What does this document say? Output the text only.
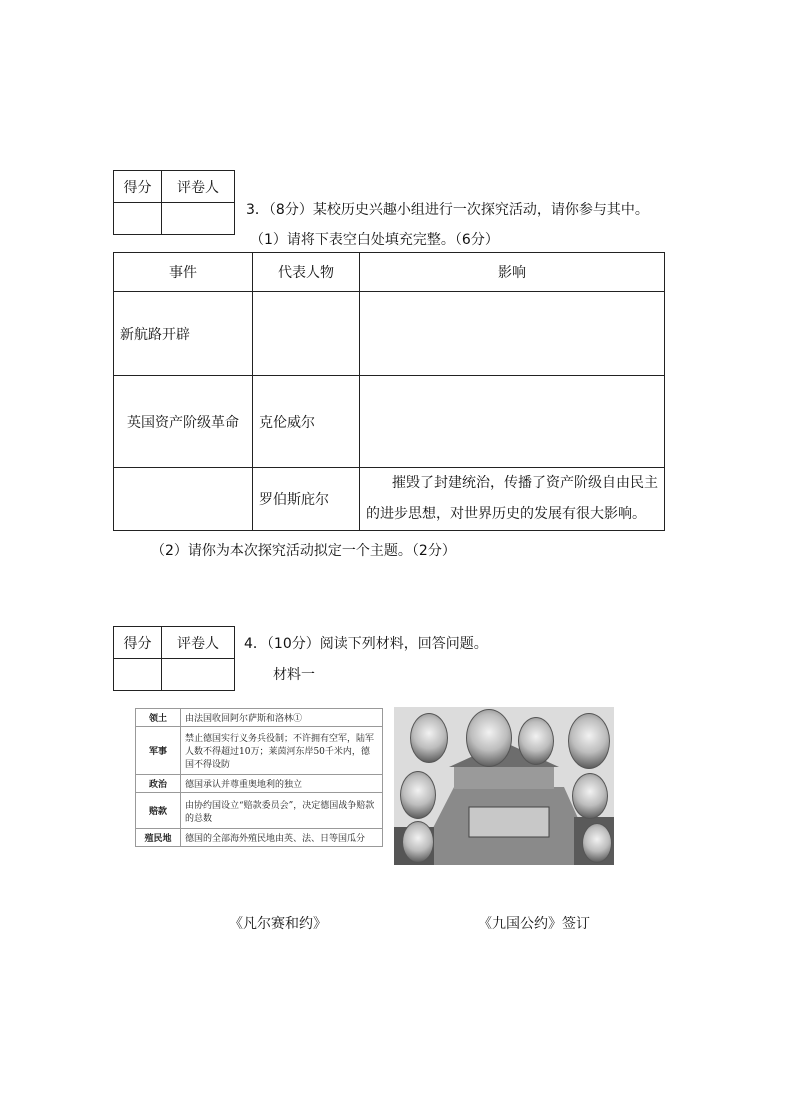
得分	评卷人

3．（8分）某校历史兴趣小组进行一次探究活动，请你参与其中。
（1）请将下表空白处填充完整。（6分）
事件	代表人物	影响
新航路开辟		
英国资产阶级革命	克伦威尔	
	罗伯斯庇尔	摧毁了封建统治，传播了资产阶级自由民主
的进步思想，对世界历史的发展有很大影响。
（2）请你为本次探究活动拟定一个主题。（2分）
得分	评卷人
	4．（10分）阅读下列材料，回答问题。
材料一
领土	由法国收回阿尔萨斯和洛林①
军事	禁止德国实行义务兵役制；不许拥有空军，陆军人数不得超过10万；莱茵河东岸50千米内，德国不得设防
政治	德国承认并尊重奥地利的独立
赔款	由协约国设立“赔款委员会”，决定德国战争赔款的总数
殖民地	德国的全部海外殖民地由英、法、日等国瓜分
《凡尔赛和约》	《九国公约》签订
